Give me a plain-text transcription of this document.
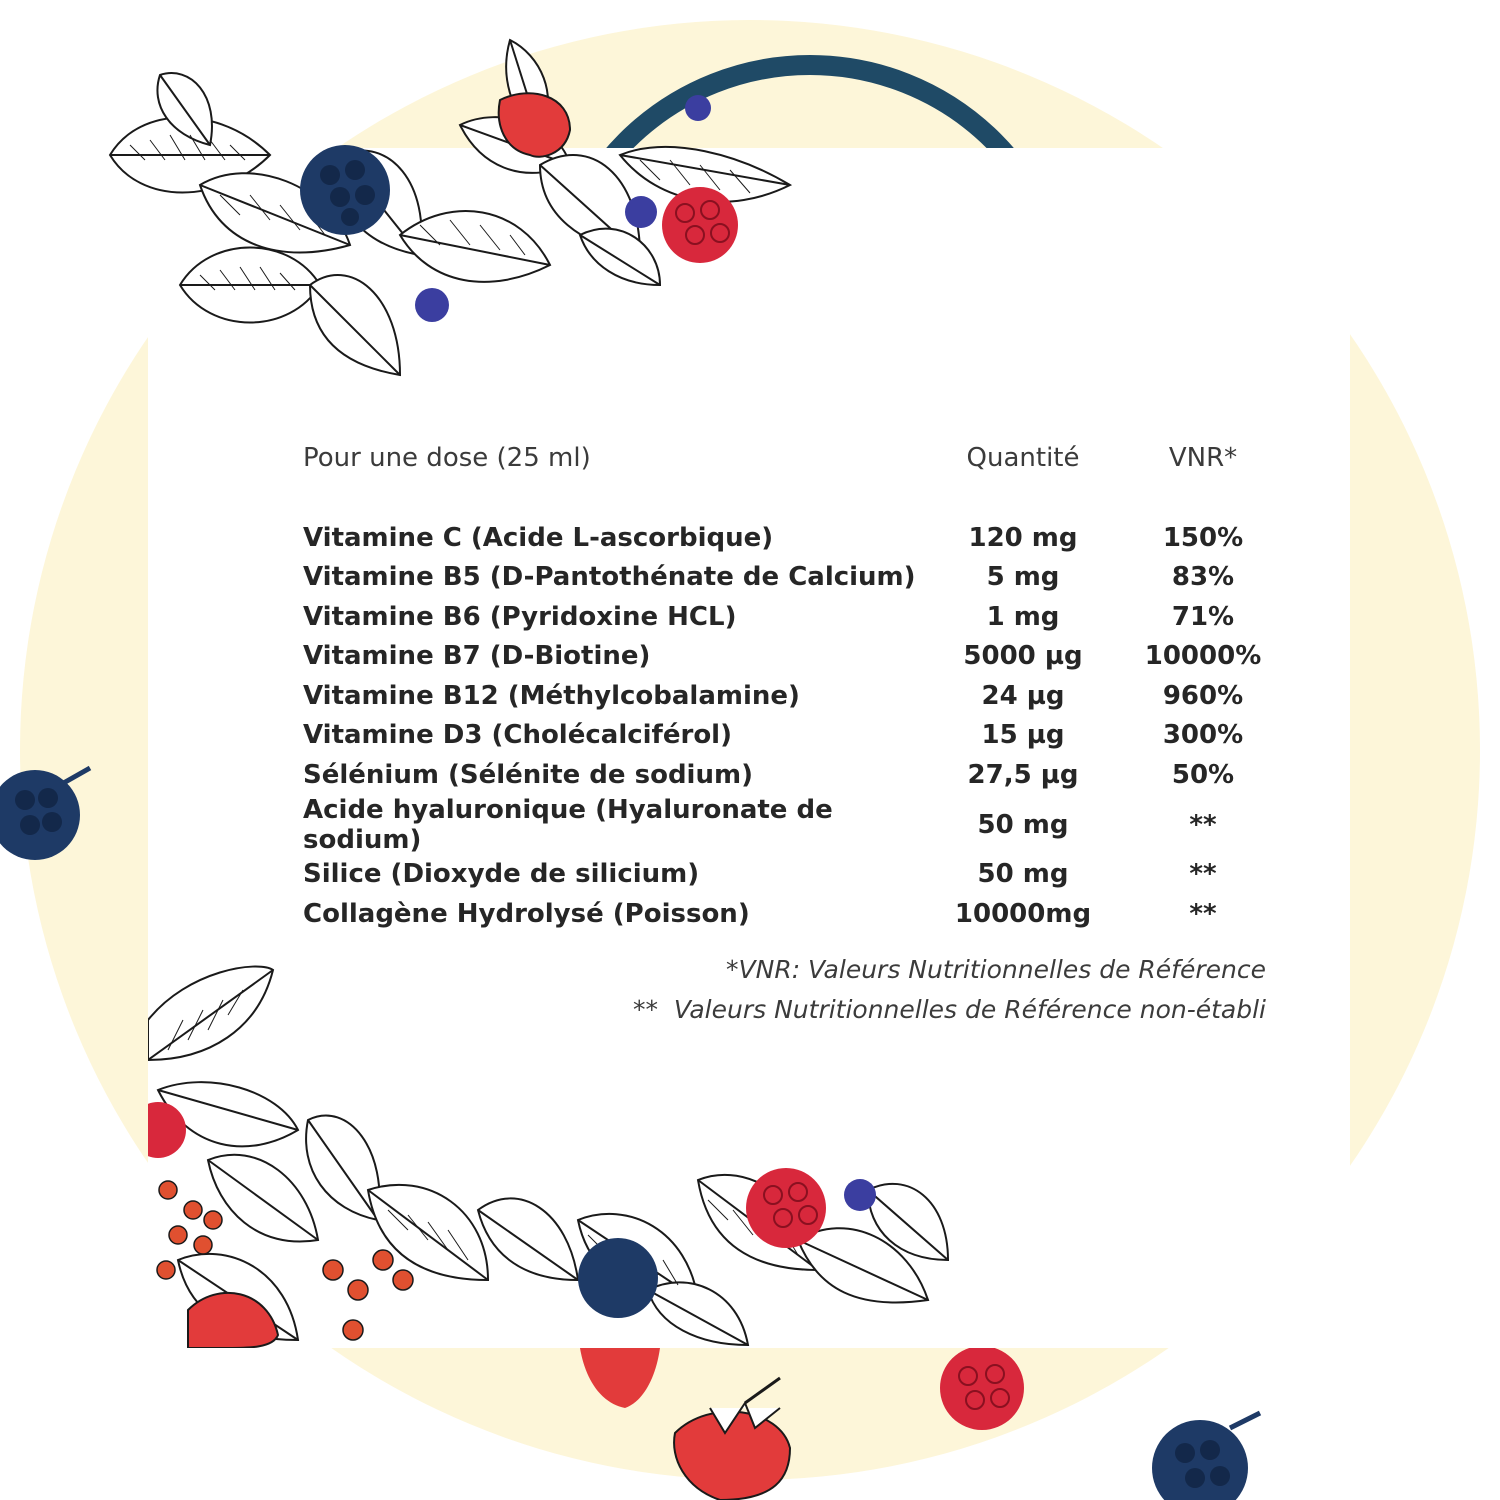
Pour une dose (25 ml)	Quantité	VNR*
Vitamine C (Acide L-ascorbique)	120 mg	150%
Vitamine B5 (D-Pantothénate de Calcium)	5 mg	83%
Vitamine B6 (Pyridoxine HCL)	1 mg	71%
Vitamine B7 (D-Biotine)	5000 µg	10000%
Vitamine B12 (Méthylcobalamine)	24 µg	960%
Vitamine D3 (Cholécalciférol)	15 µg	300%
Sélénium (Sélénite de sodium)	27,5 µg	50%
Acide hyaluronique (Hyaluronate de sodium)	50 mg	**
Silice (Dioxyde de silicium)	50 mg	**
Collagène Hydrolysé (Poisson)	10000mg	**
*VNR: Valeurs Nutritionnelles de Référence
**  Valeurs Nutritionnelles de Référence non-établi
